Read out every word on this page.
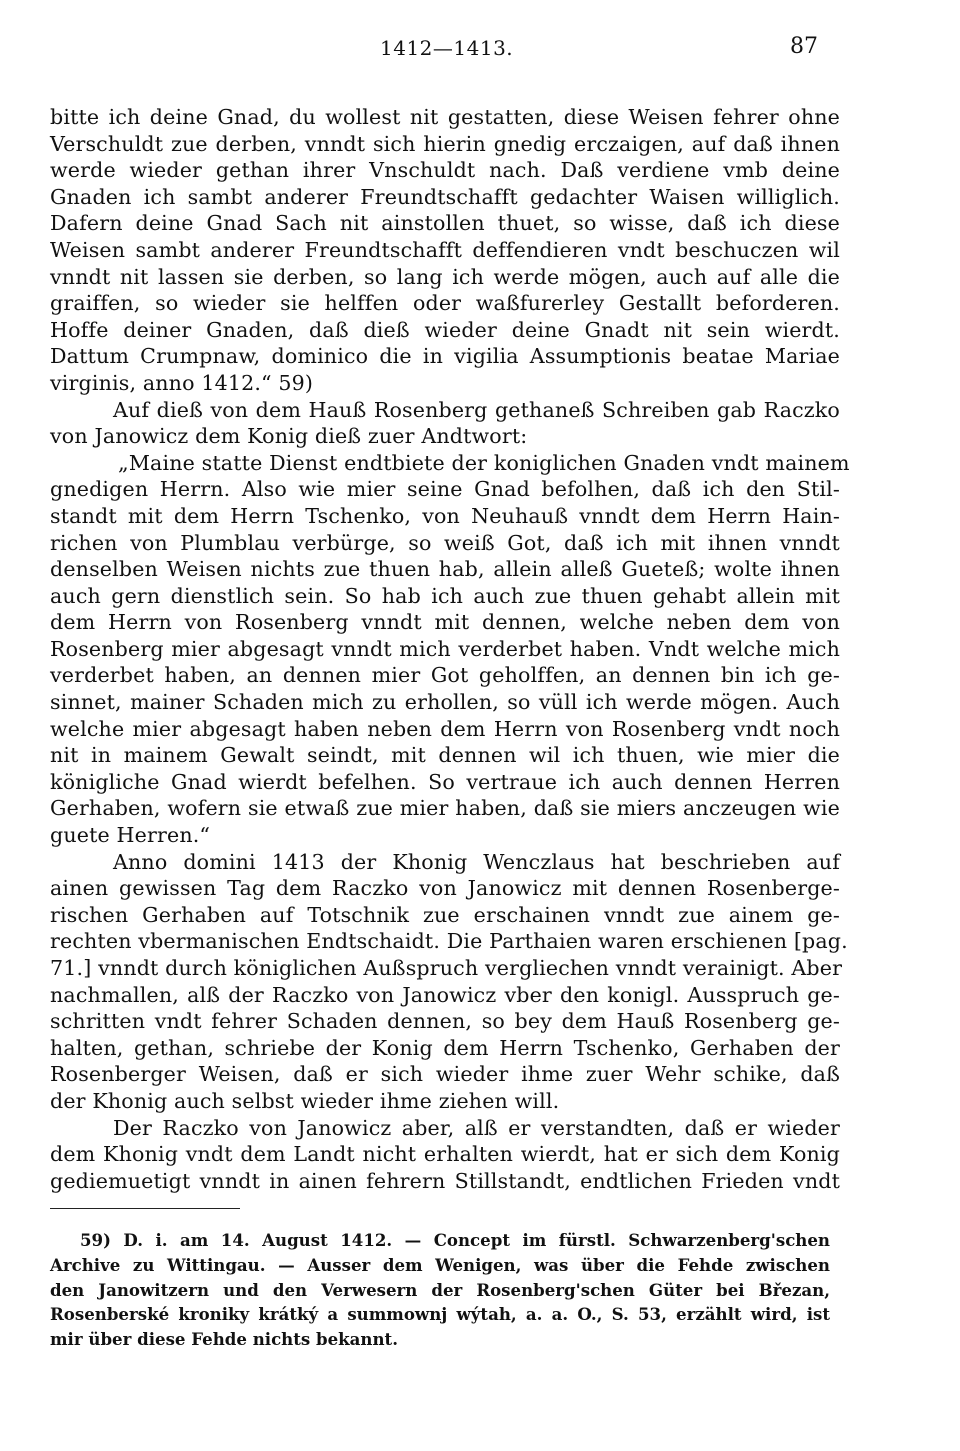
1412—1413.	87
bitte ich deine Gnad, du wollest nit gestatten, diese Weisen fehrer ohne
Verschuldt zue derben, vnndt sich hierin gnedig erczaigen, auf daß ihnen
werde wieder gethan ihrer Vnschuldt nach. Daß verdiene vmb deine
Gnaden ich sambt anderer Freundtschafft gedachter Waisen williglich.
Dafern deine Gnad Sach nit ainstollen thuet, so wisse, daß ich diese
Weisen sambt anderer Freundtschafft deffendieren vndt beschuczen wil
vnndt nit lassen sie derben, so lang ich werde mögen, auch auf alle die
graiffen, so wieder sie helffen oder waßfurerley Gestallt beforderen.
Hoffe deiner Gnaden, daß dieß wieder deine Gnadt nit sein wierdt.
Dattum Crumpnaw, dominico die in vigilia Assumptionis beatae Mariae
virginis, anno 1412.“ 59)
Auf dieß von dem Hauß Rosenberg gethaneß Schreiben gab Raczko
von Janowicz dem Konig dieß zuer Andtwort:
„Maine statte Dienst endtbiete der koniglichen Gnaden vndt mainem
gnedigen Herrn. Also wie mier seine Gnad befolhen, daß ich den Stil-
standt mit dem Herrn Tschenko, von Neuhauß vnndt dem Herrn Hain-
richen von Plumblau verbürge, so weiß Got, daß ich mit ihnen vnndt
denselben Weisen nichts zue thuen hab, allein alleß Gueteß; wolte ihnen
auch gern dienstlich sein. So hab ich auch zue thuen gehabt allein mit
dem Herrn von Rosenberg vnndt mit dennen, welche neben dem von
Rosenberg mier abgesagt vnndt mich verderbet haben. Vndt welche mich
verderbet haben, an dennen mier Got geholffen, an dennen bin ich ge-
sinnet, mainer Schaden mich zu erhollen, so vüll ich werde mögen. Auch
welche mier abgesagt haben neben dem Herrn von Rosenberg vndt noch
nit in mainem Gewalt seindt, mit dennen wil ich thuen, wie mier die
königliche Gnad wierdt befelhen. So vertraue ich auch dennen Herren
Gerhaben, wofern sie etwaß zue mier haben, daß sie miers anczeugen wie
guete Herren.“
Anno domini 1413 der Khonig Wenczlaus hat beschrieben auf
ainen gewissen Tag dem Raczko von Janowicz mit dennen Rosenberge-
rischen Gerhaben auf Totschnik zue erschainen vnndt zue ainem ge-
rechten vbermanischen Endtschaidt. Die Parthaien waren erschienen [pag.
71.] vnndt durch königlichen Außspruch vergliechen vnndt verainigt. Aber
nachmallen, alß der Raczko von Janowicz vber den konigl. Ausspruch ge-
schritten vndt fehrer Schaden dennen, so bey dem Hauß Rosenberg ge-
halten, gethan, schriebe der Konig dem Herrn Tschenko, Gerhaben der
Rosenberger Weisen, daß er sich wieder ihme zuer Wehr schike, daß
der Khonig auch selbst wieder ihme ziehen will.
Der Raczko von Janowicz aber, alß er verstandten, daß er wieder
dem Khonig vndt dem Landt nicht erhalten wierdt, hat er sich dem Konig
gediemuetigt vnndt in ainen fehrern Stillstandt, endtlichen Frieden vndt
59) D. i. am 14. August 1412. — Concept im fürstl. Schwarzenberg'schen
Archive zu Wittingau. — Ausser dem Wenigen, was über die Fehde zwischen
den Janowitzern und den Verwesern der Rosenberg'schen Güter bei Březan,
Rosenberské kroniky krátký a summownj wýtah, a. a. O., S. 53, erzählt wird, ist
mir über diese Fehde nichts bekannt.
